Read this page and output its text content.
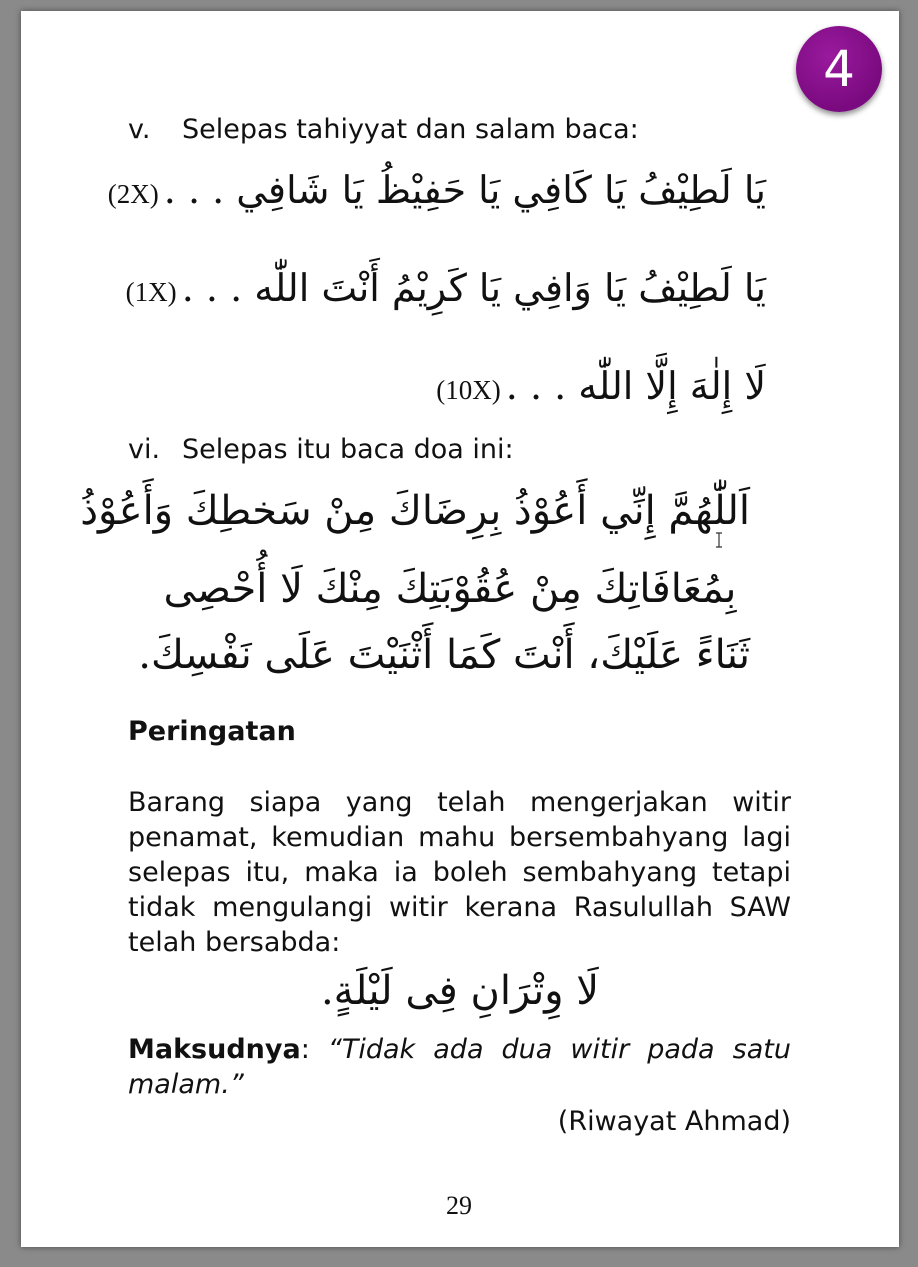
4
v. Selepas tahiyyat dan salam baca:
يَا لَطِيْفُ يَا كَافِي يَا حَفِيْظُ يَا شَافِي . . . (2X)
يَا لَطِيْفُ يَا وَافِي يَا كَرِيْمُ أَنْتَ اللّٰه . . . (1X)
لَا إِلٰهَ إِلَّا اللّٰه . . . (10X)
vi. Selepas itu baca doa ini:
اَللّٰهُمَّ إِنِّي أَعُوْذُ بِرِضَاكَ مِنْ سَخطِكَ وَأَعُوْذُ
بِمُعَافَاتِكَ مِنْ عُقُوْبَتِكَ مِنْكَ لَا أُحْصِى
ثَنَاءً عَلَيْكَ، أَنْتَ كَمَا أَثْنَيْتَ عَلَى نَفْسِكَ.
Peringatan
Barang siapa yang telah mengerjakan witir
penamat, kemudian mahu bersembahyang lagi
selepas itu, maka ia boleh sembahyang tetapi
tidak mengulangi witir kerana Rasulullah SAW
telah bersabda:
لَا وِتْرَانِ فِى لَيْلَةٍ.
Maksudnya: “Tidak ada dua witir pada satu
malam.”
(Riwayat Ahmad)
29
